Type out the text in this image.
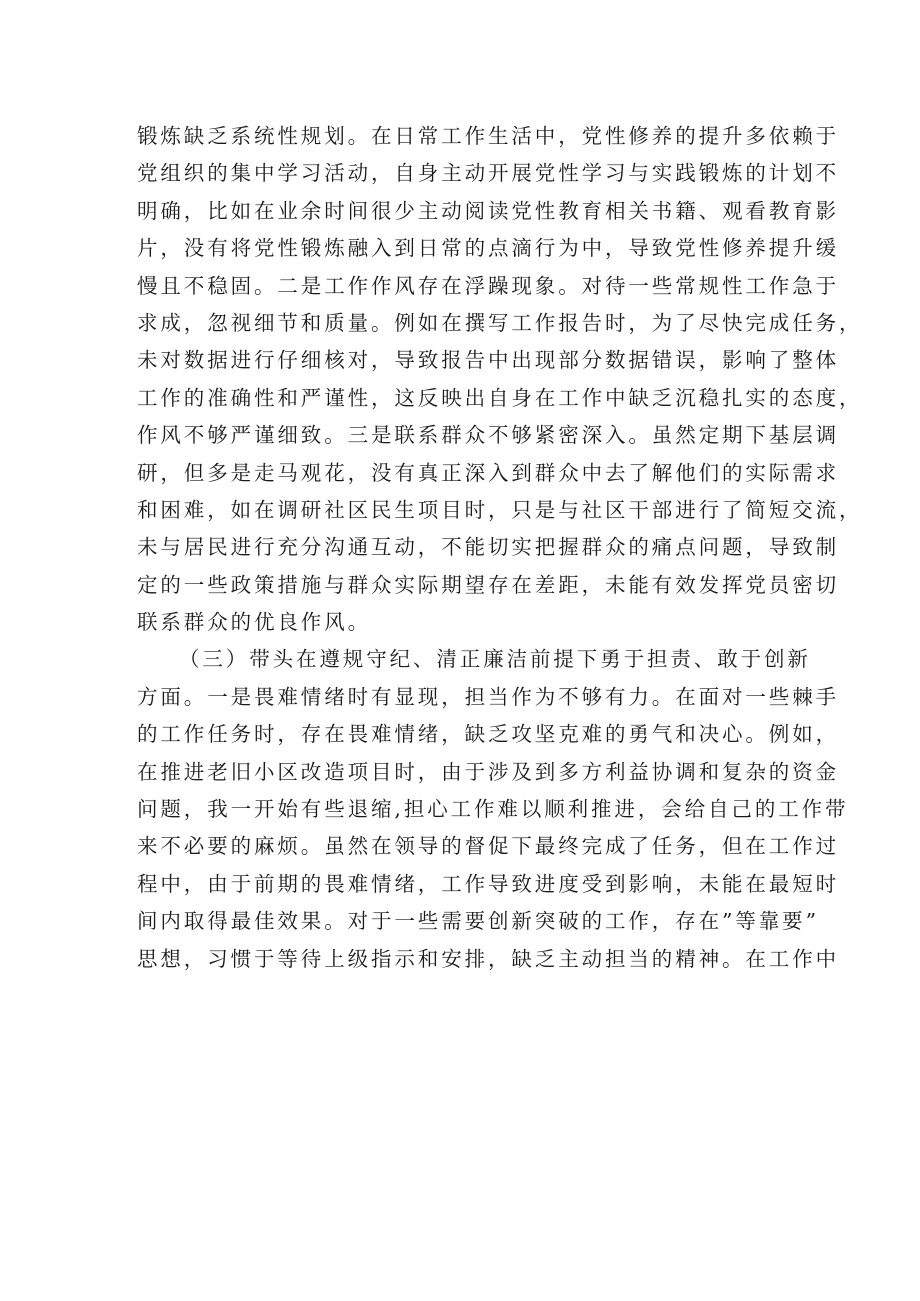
锻炼缺乏系统性规划。在日常工作生活中，党性修养的提升多依赖于
党组织的集中学习活动，自身主动开展党性学习与实践锻炼的计划不
明确，比如在业余时间很少主动阅读党性教育相关书籍、观看教育影
片，没有将党性锻炼融入到日常的点滴行为中，导致党性修养提升缓
慢且不稳固。二是工作作风存在浮躁现象。对待一些常规性工作急于
求成，忽视细节和质量。例如在撰写工作报告时，为了尽快完成任务，
未对数据进行仔细核对，导致报告中出现部分数据错误，影响了整体
工作的准确性和严谨性，这反映出自身在工作中缺乏沉稳扎实的态度，
作风不够严谨细致。三是联系群众不够紧密深入。虽然定期下基层调
研，但多是走马观花，没有真正深入到群众中去了解他们的实际需求
和困难，如在调研社区民生项目时，只是与社区干部进行了简短交流，
未与居民进行充分沟通互动，不能切实把握群众的痛点问题，导致制
定的一些政策措施与群众实际期望存在差距，未能有效发挥党员密切
联系群众的优良作风。
（三）带头在遵规守纪、清正廉洁前提下勇于担责、敢于创新
方面。一是畏难情绪时有显现，担当作为不够有力。在面对一些棘手
的工作任务时，存在畏难情绪，缺乏攻坚克难的勇气和决心。例如，
在推进老旧小区改造项目时，由于涉及到多方利益协调和复杂的资金
问题，我一开始有些退缩,担心工作难以顺利推进，会给自己的工作带
来不必要的麻烦。虽然在领导的督促下最终完成了任务，但在工作过
程中，由于前期的畏难情绪，工作导致进度受到影响，未能在最短时
间内取得最佳效果。对于一些需要创新突破的工作，存在”等靠要”
思想，习惯于等待上级指示和安排，缺乏主动担当的精神。在工作中
